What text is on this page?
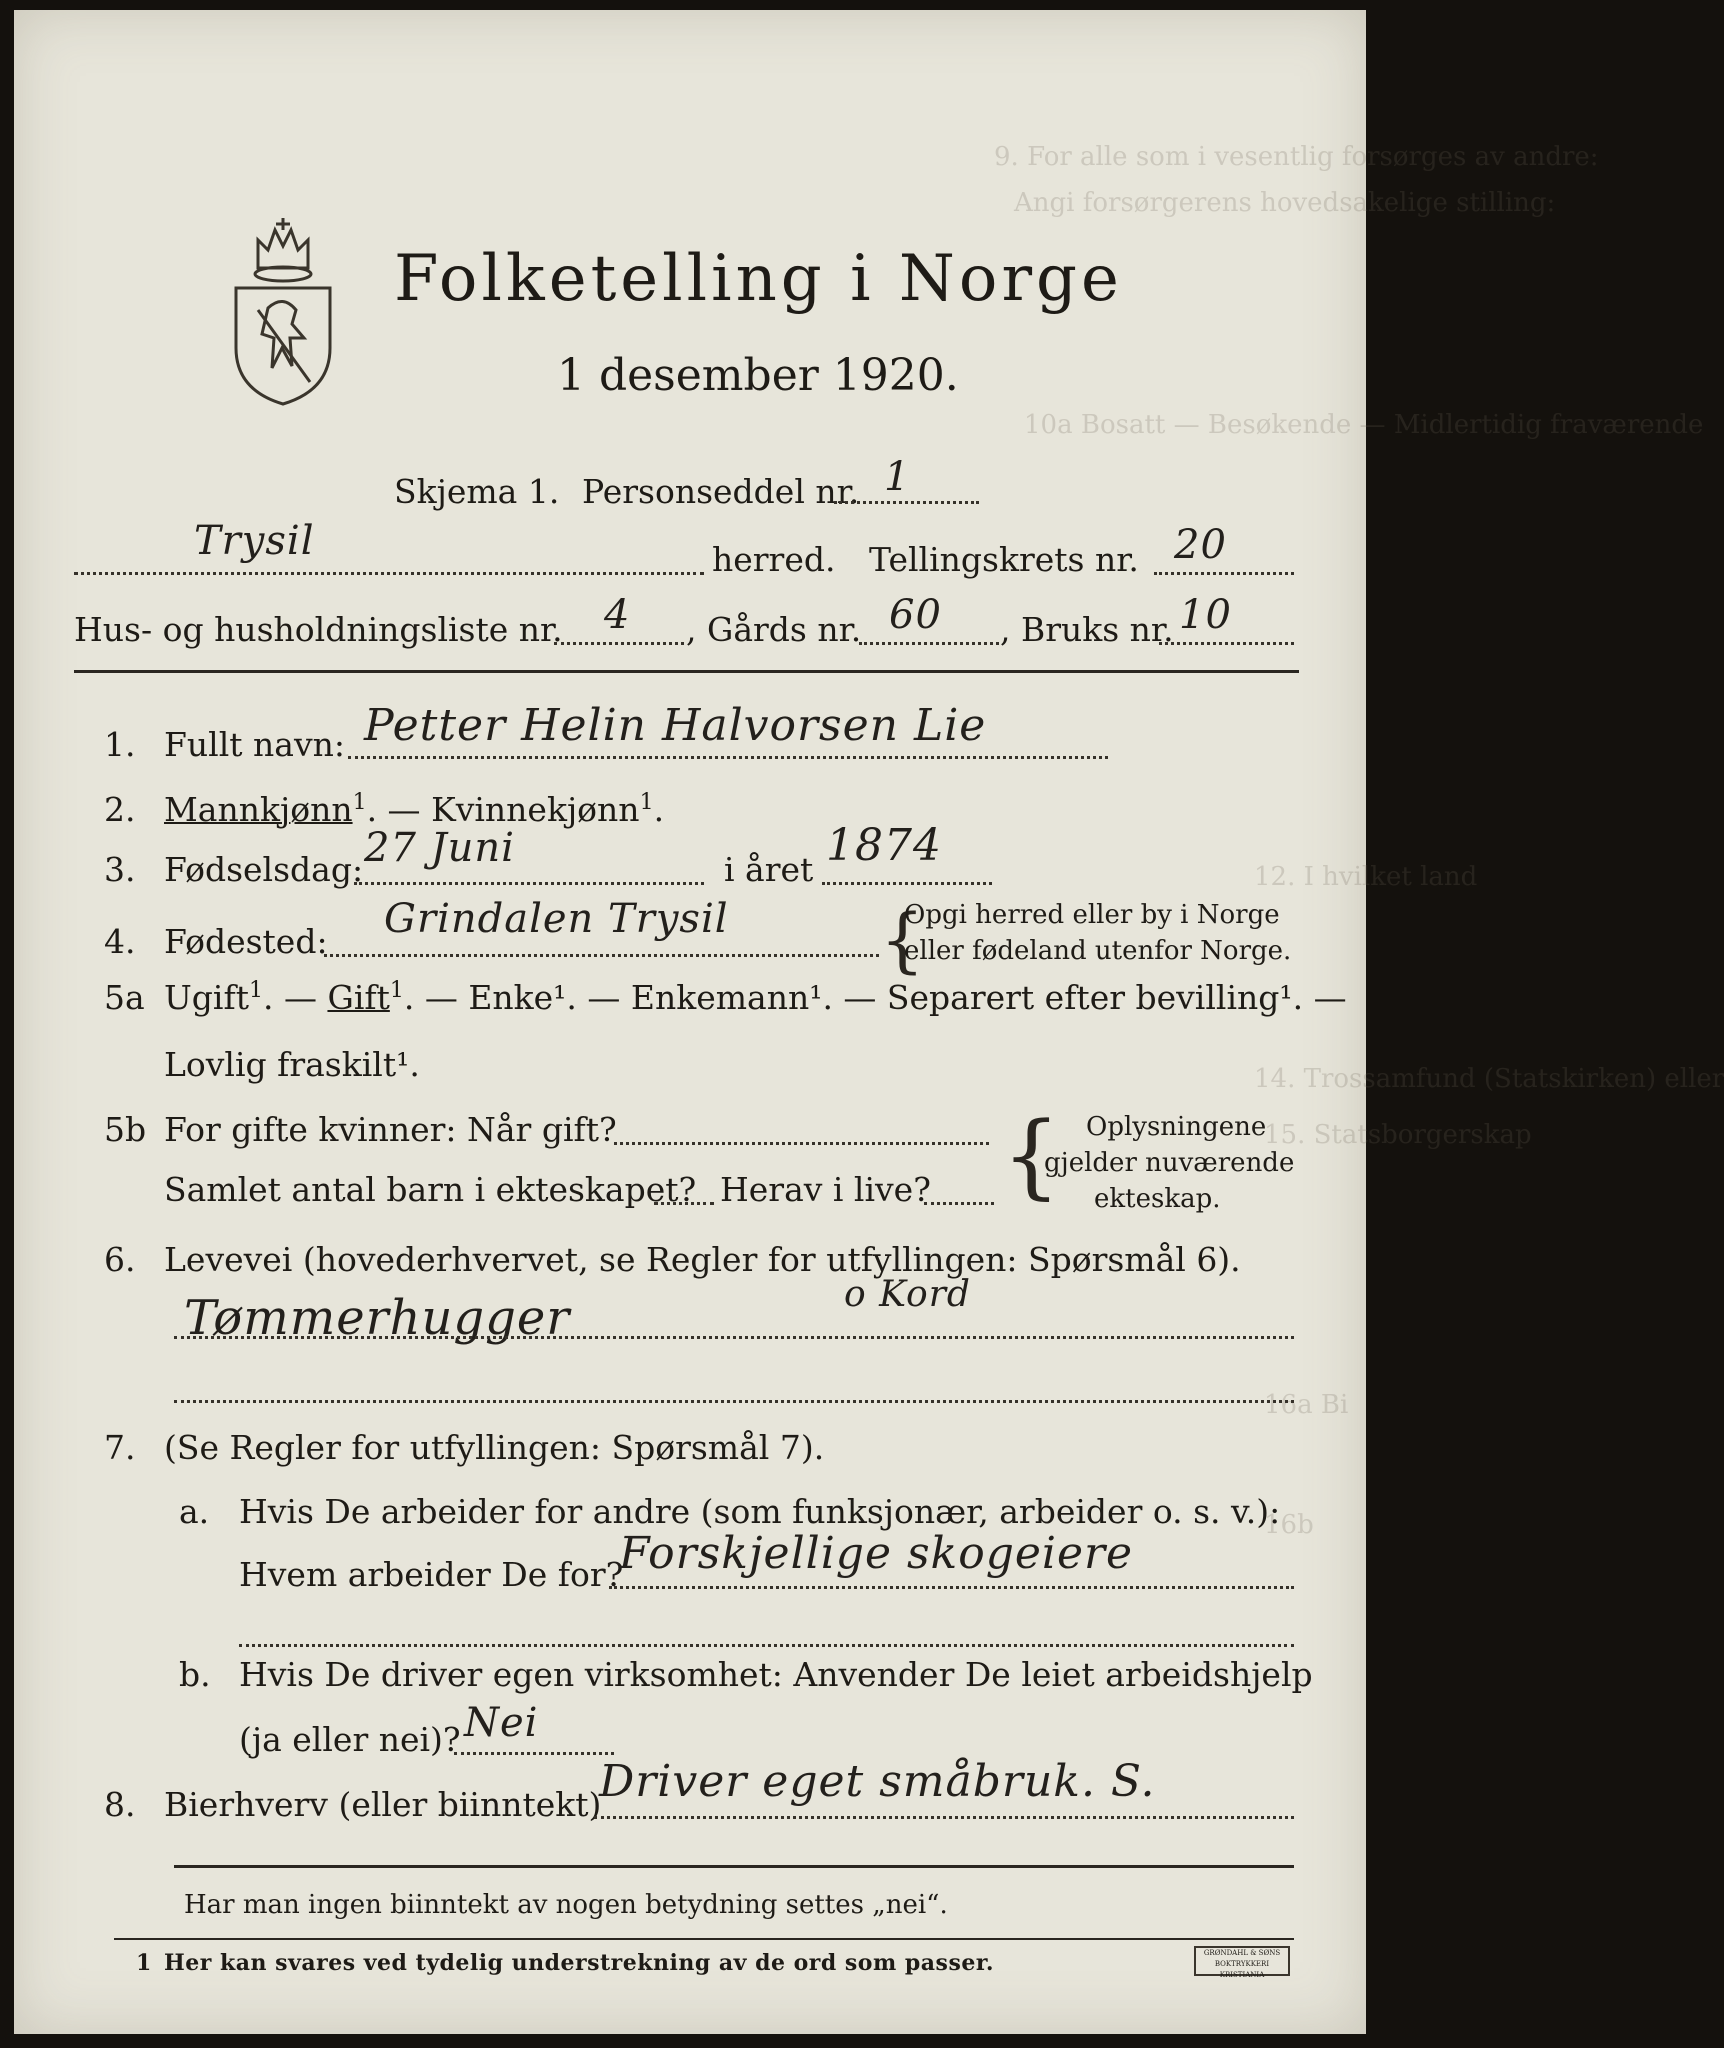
9. For alle som i vesentlig forsørges av andre:
Angi forsørgerens hovedsakelige stilling:
10a Bosatt — Besøkende — Midlertidig fraværende
12. I hvilket land
14. Trossamfund (Statskirken) eller
15. Statsborgerskap
16a Bi
16b
Folketelling i Norge
1 desember 1920.
Skjema 1. Personseddel nr. 1
Trysil	herred. Tellingskrets nr. 20
Hus- og husholdningsliste nr. 4 , Gårds nr. 60 , Bruks nr. 10
1. Fullt navn: Petter Helin Halvorsen Lie
2. Mannkjønn$^1$. — Kvinnekjønn$^1$.
3. Fødselsdag: 27 Juni	i året 1874
4. Fødested: Grindalen Trysil {
Opgi herred eller by i Norge
eller fødeland utenfor Norge.
5a Ugift$^1$. — Gift$^1$. — Enke¹. — Enkemann¹. — Separert efter bevilling¹. —
Lovlig fraskilt¹.
5b For gifte kvinner: Når gift?
Samlet antal barn i ekteskapet? Herav i live? { Oplysningene
gjelder nuværende
ekteskap.
6. Levevei (hovederhvervet, se Regler for utfyllingen: Spørsmål 6).
Tømmerhugger	o Kord
7. (Se Regler for utfyllingen: Spørsmål 7).
a. Hvis De arbeider for andre (som funksjonær, arbeider o. s. v.):
Hvem arbeider De for?
Forskjellige skogeiere
b. Hvis De driver egen virksomhet: Anvender De leiet arbeidshjelp
(ja eller nei)? Nei
8. Bierhverv (eller biinntekt)
Driver eget småbruk. S.
Har man ingen biinntekt av nogen betydning settes „nei“.
1 Her kan svares ved tydelig understrekning av de ord som passer.	GRØNDAHL & SØNS BOKTRYKKERI KRISTIANIA
